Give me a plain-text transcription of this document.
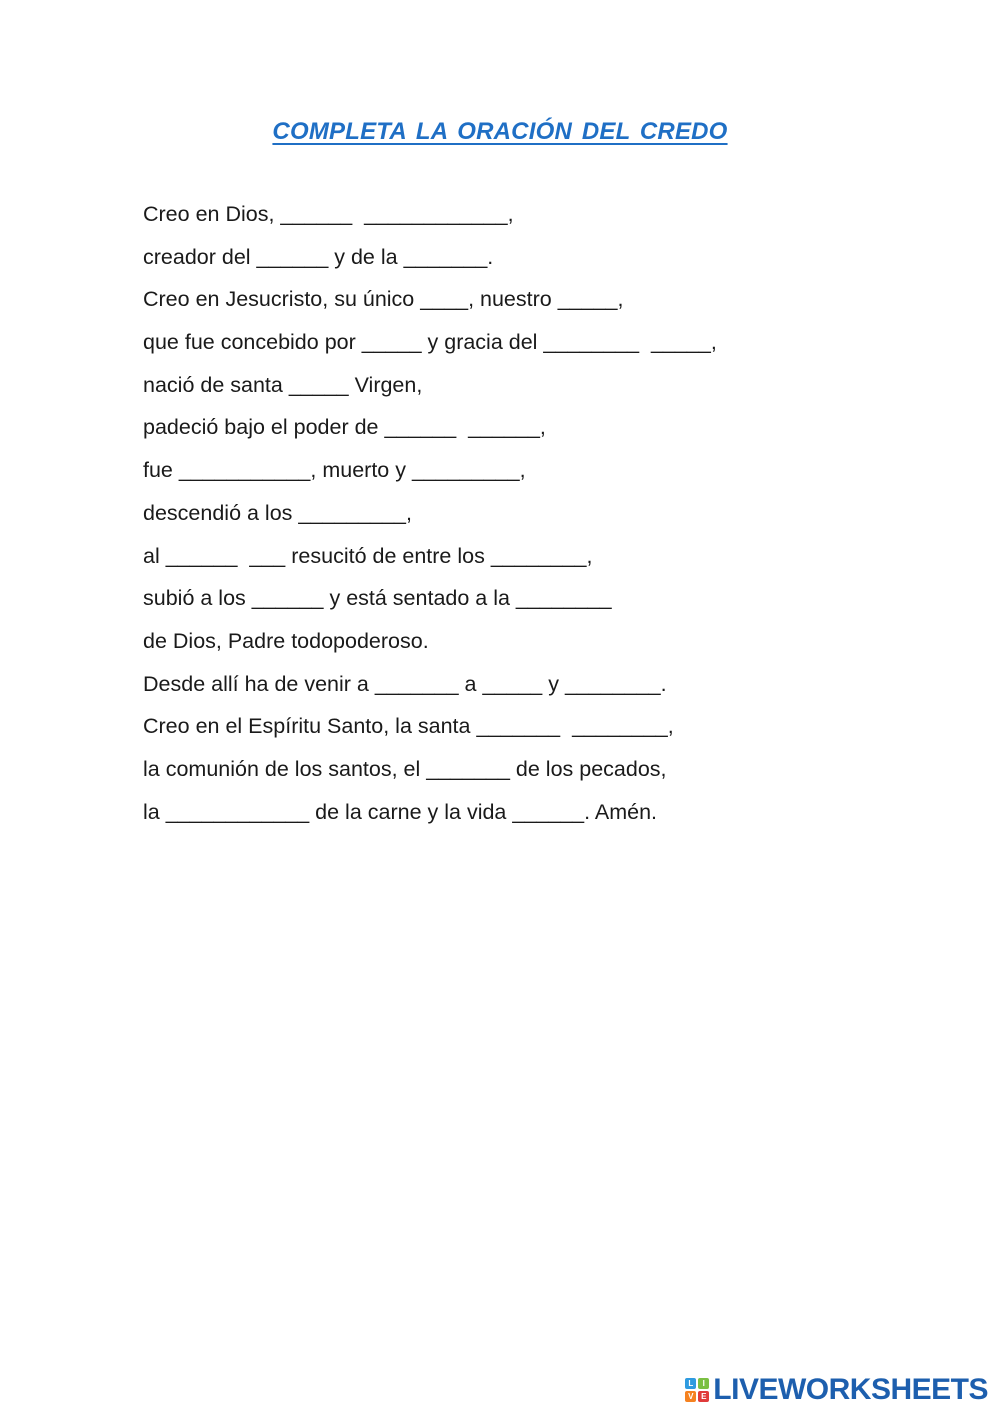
COMPLETA LA ORACIÓN DEL CREDO
Creo en Dios, ______  ____________,
creador del ______ y de la _______.
Creo en Jesucristo, su único ____, nuestro _____,
que fue concebido por _____ y gracia del ________  _____,
nació de santa _____ Virgen,
padeció bajo el poder de ______  ______,
fue ___________, muerto y _________,
descendió a los _________,
al ______  ___ resucitó de entre los ________,
subió a los ______ y está sentado a la ________
de Dios, Padre todopoderoso.
Desde allí ha de venir a _______ a _____ y ________.
Creo en el Espíritu Santo, la santa _______  ________,
la comunión de los santos, el _______ de los pecados,
la ____________ de la carne y la vida ______. Amén.
L	I
V E LIVEWORKSHEETS
